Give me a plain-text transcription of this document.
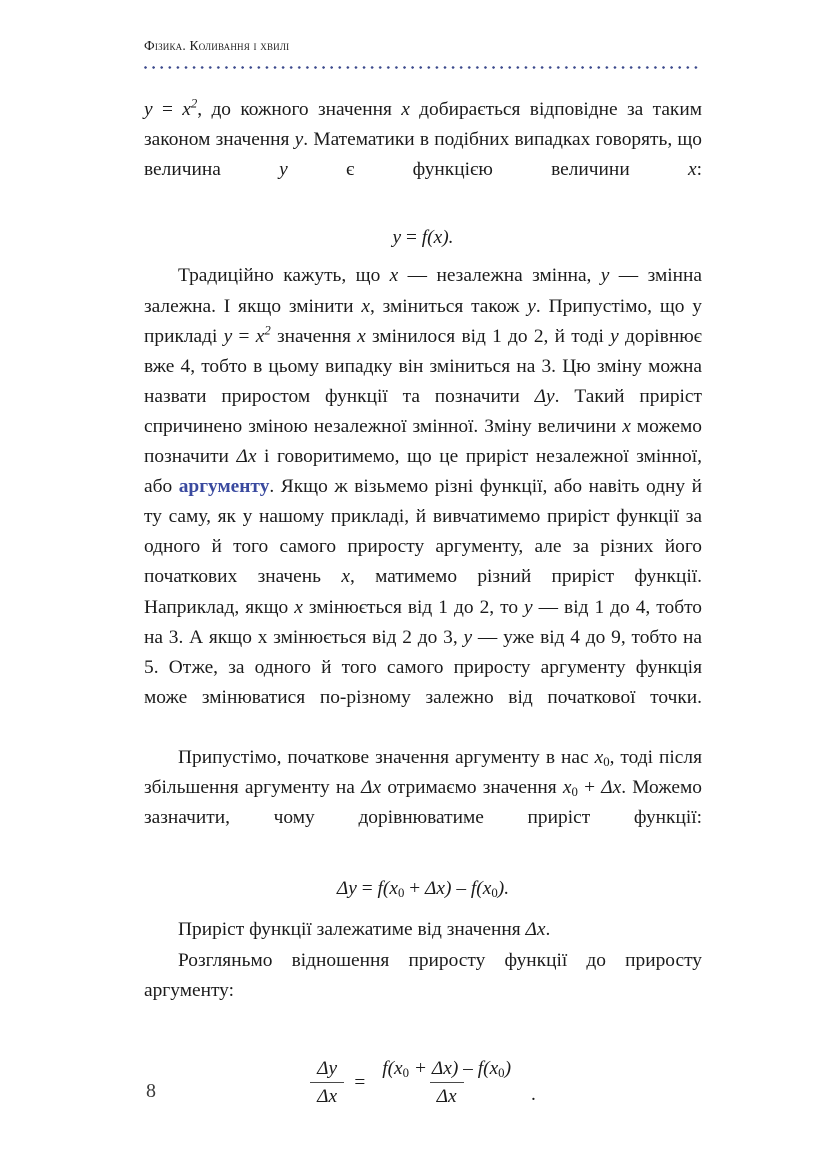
Фізика. Коливання і хвилі

$y = x^2$, до кожного значення x добирається відповідне за таким законом значення y. Математики в подібних випадках говорять, що величина y є функцією величини x:

y = f(x).

Традиційно кажуть, що x — незалежна змінна, y — змінна залежна. І якщо змінити x, зміниться також y. Припустімо, що у прикладі $y = x^2$ значення x змінилося від 1 до 2, й тоді y дорівнює вже 4, тобто в цьому випадку він зміниться на 3. Цю зміну можна назвати приростом функції та позначити Δy. Такий приріст спричинено зміною незалежної змінної. Зміну величини x можемо позначити Δx і говоритимемо, що це приріст незалежної змінної, або аргументу. Якщо ж візьмемо різні функції, або навіть одну й ту саму, як у нашому прикладі, й вивчатимемо приріст функції за одного й того самого приросту аргументу, але за різних його початкових значень x, матимемо різний приріст функції. Наприклад, якщо x змінюється від 1 до 2, то y — від 1 до 4, тобто на 3. А якщо х змінюється від 2 до 3, y — уже від 4 до 9, тобто на 5. Отже, за одного й того самого приросту аргументу функція може змінюватися по-різному залежно від початкової точки.

Припустімо, початкове значення аргументу в нас $x_0$, тоді після збільшення аргументу на Δx отримаємо значення $x_0 + \Delta x$. Можемо зазначити, чому дорівнюватиме приріст функції:

$\Delta y = f(x_0 + \Delta x) - f(x_0)$.

Приріст функції залежатиме від значення Δx.

Розгляньмо відношення приросту функції до приросту аргументу:

$\frac{\Delta y}{\Delta x} = \frac{f(x_0 + \Delta x) - f(x_0)}{\Delta x}$ .
8
